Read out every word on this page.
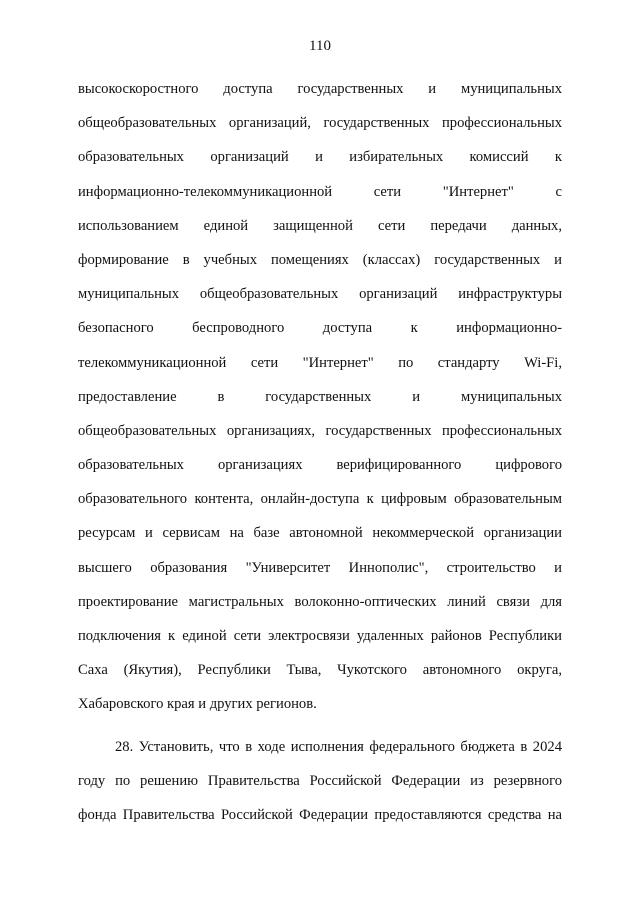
110
высокоскоростного доступа государственных и муниципальных
общеобразовательных организаций, государственных профессиональных
образовательных организаций и избирательных комиссий к
информационно-телекоммуникационной сети "Интернет" с
использованием единой защищенной сети передачи данных,
формирование в учебных помещениях (классах) государственных и
муниципальных общеобразовательных организаций инфраструктуры
безопасного беспроводного доступа к информационно-
телекоммуникационной сети "Интернет" по стандарту Wi-Fi,
предоставление в государственных и муниципальных
общеобразовательных организациях, государственных профессиональных
образовательных организациях верифицированного цифрового
образовательного контента, онлайн-доступа к цифровым образовательным
ресурсам и сервисам на базе автономной некоммерческой организации
высшего образования "Университет Иннополис", строительство и
проектирование магистральных волоконно-оптических линий связи для
подключения к единой сети электросвязи удаленных районов Республики
Саха (Якутия), Республики Тыва, Чукотского автономного округа,
Хабаровского края и других регионов.
28. Установить, что в ходе исполнения федерального бюджета в 2024
году по решению Правительства Российской Федерации из резервного
фонда Правительства Российской Федерации предоставляются средства на
